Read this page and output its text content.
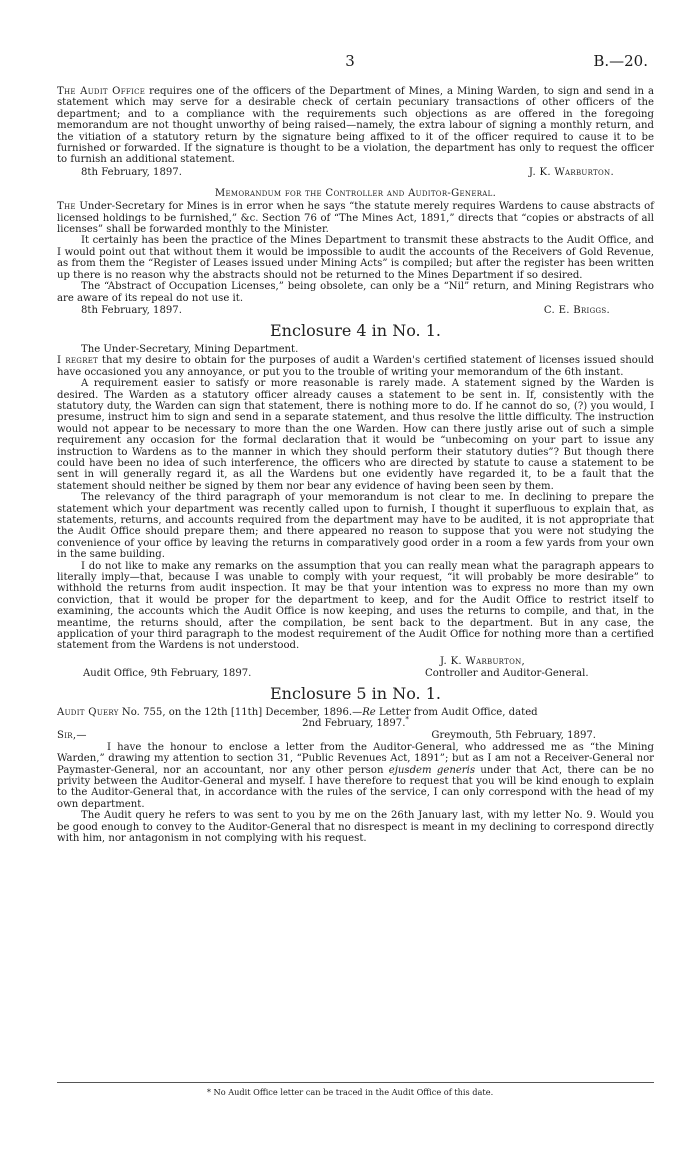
3	B.—20.

The Audit Office requires one of the officers of the Department of Mines, a Mining Warden, to sign and send in a statement which may serve for a desirable check of certain pecuniary transactions of other officers of the department; and to a compliance with the requirements such objections as are offered in the foregoing memorandum are not thought unworthy of being raised—namely, the extra labour of signing a monthly return, and the vitiation of a statutory return by the signature being affixed to it of the officer required to cause it to be furnished or forwarded. If the signature is thought to be a violation, the department has only to request the officer to furnish an additional statement.

8th February, 1897.	J. K. Warburton.
Memorandum for the Controller and Auditor-General.

The Under-Secretary for Mines is in error when he says “the statute merely requires Wardens to cause abstracts of licensed holdings to be furnished,” &c. Section 76 of “The Mines Act, 1891,” directs that “copies or abstracts of all licenses” shall be forwarded monthly to the Minister.

It certainly has been the practice of the Mines Department to transmit these abstracts to the Audit Office, and I would point out that without them it would be impossible to audit the accounts of the Receivers of Gold Revenue, as from them the “Register of Leases issued under Mining Acts” is compiled; but after the register has been written up there is no reason why the abstracts should not be returned to the Mines Department if so desired.

The “Abstract of Occupation Licenses,” being obsolete, can only be a “Nil” return, and Mining Registrars who are aware of its repeal do not use it.

8th February, 1897.	C. E. Briggs.
Enclosure 4 in No. 1.

The Under-Secretary, Mining Department.

I regret that my desire to obtain for the purposes of audit a Warden's certified statement of licenses issued should have occasioned you any annoyance, or put you to the trouble of writing your memorandum of the 6th instant.

A requirement easier to satisfy or more reasonable is rarely made. A statement signed by the Warden is desired. The Warden as a statutory officer already causes a statement to be sent in. If, consistently with the statutory duty, the Warden can sign that statement, there is nothing more to do. If he cannot do so, (?) you would, I presume, instruct him to sign and send in a separate statement, and thus resolve the little difficulty. The instruction would not appear to be necessary to more than the one Warden. How can there justly arise out of such a simple requirement any occasion for the formal declaration that it would be “unbecoming on your part to issue any instruction to Wardens as to the manner in which they should perform their statutory duties”? But though there could have been no idea of such interference, the officers who are directed by statute to cause a statement to be sent in will generally regard it, as all the Wardens but one evidently have regarded it, to be a fault that the statement should neither be signed by them nor bear any evidence of having been seen by them.

The relevancy of the third paragraph of your memorandum is not clear to me. In declining to prepare the statement which your department was recently called upon to furnish, I thought it superfluous to explain that, as statements, returns, and accounts required from the department may have to be audited, it is not appropriate that the Audit Office should prepare them; and there appeared no reason to suppose that you were not studying the convenience of your office by leaving the returns in comparatively good order in a room a few yards from your own in the same building.

I do not like to make any remarks on the assumption that you can really mean what the paragraph appears to literally imply—that, because I was unable to comply with your request, “it will probably be more desirable” to withhold the returns from audit inspection. It may be that your intention was to express no more than my own conviction, that it would be proper for the department to keep, and for the Audit Office to restrict itself to examining, the accounts which the Audit Office is now keeping, and uses the returns to compile, and that, in the meantime, the returns should, after the compilation, be sent back to the department. But in any case, the application of your third paragraph to the modest requirement of the Audit Office for nothing more than a certified statement from the Wardens is not understood.

J. K. Warburton,
Audit Office, 9th February, 1897.	Controller and Auditor-General.
Enclosure 5 in No. 1.

Audit Query No. 755, on the 12th [11th] December, 1896.—Re Letter from Audit Office, dated

2nd February, 1897.*

Sir,—	Greymouth, 5th February, 1897.

I have the honour to enclose a letter from the Auditor-General, who addressed me as “the Mining Warden,” drawing my attention to section 31, “Public Revenues Act, 1891”; but as I am not a Receiver-General nor Paymaster-General, nor an accountant, nor any other person ejusdem generis under that Act, there can be no privity between the Auditor-General and myself. I have therefore to request that you will be kind enough to explain to the Auditor-General that, in accordance with the rules of the service, I can only correspond with the head of my own department.

The Audit query he refers to was sent to you by me on the 26th January last, with my letter No. 9. Would you be good enough to convey to the Auditor-General that no disrespect is meant in my declining to correspond directly with him, nor antagonism in not complying with his request.

* No Audit Office letter can be traced in the Audit Office of this date.
